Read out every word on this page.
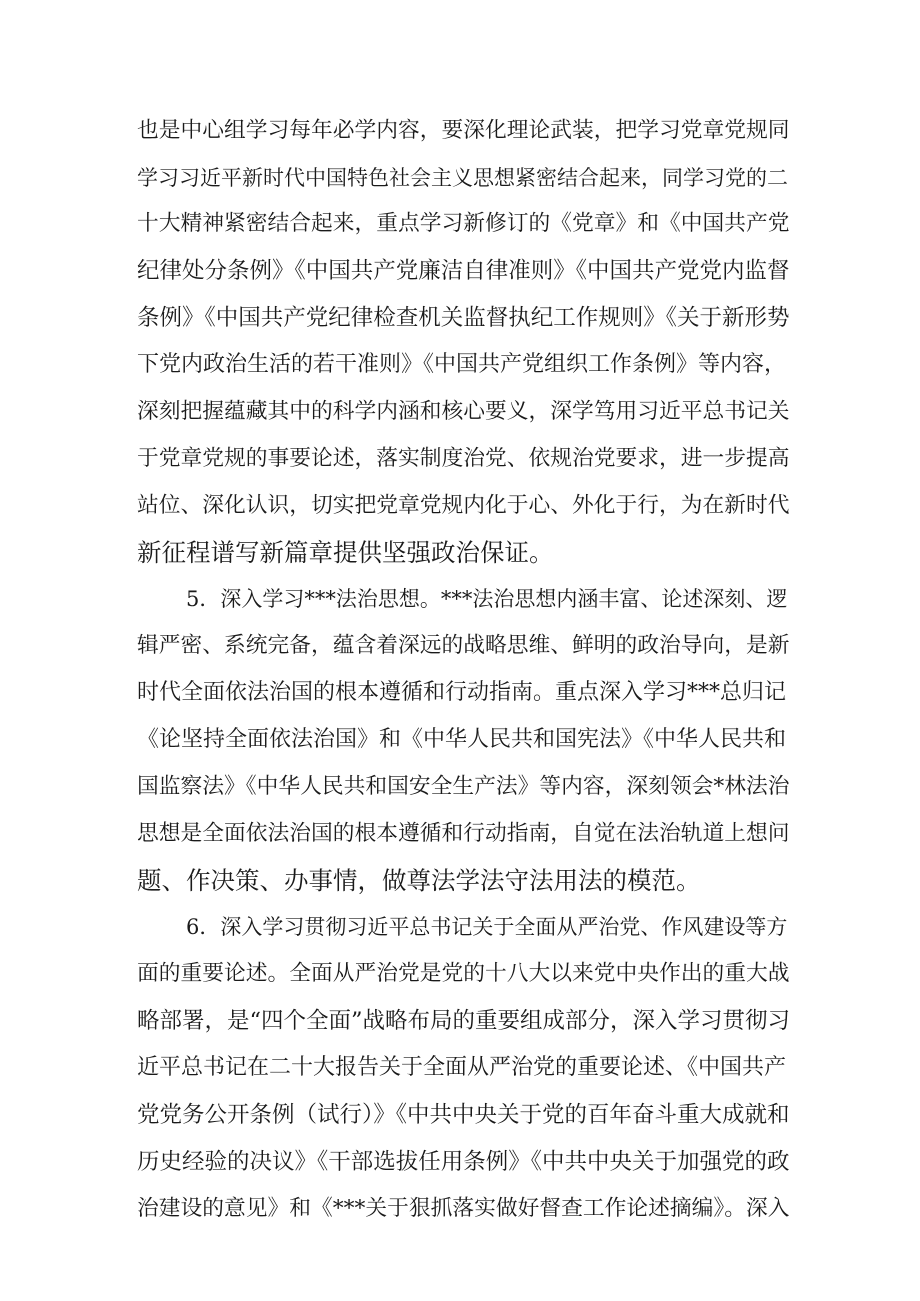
也是中心组学习每年必学内容，要深化理论武装，把学习党章党规同

学习习近平新时代中国特色社会主义思想紧密结合起来，同学习党的二

十大精神紧密结合起来，重点学习新修订的《党章》和《中国共产党

纪律处分条例》《中国共产党廉洁自律准则》《中国共产党党内监督

条例》《中国共产党纪律检查机关监督执纪工作规则》《关于新形势

下党内政治生活的若干准则》《中国共产党组织工作条例》等内容，

深刻把握蕴藏其中的科学内涵和核心要义，深学笃用习近平总书记关

于党章党规的事要论述，落实制度治党、依规治党要求，进一步提高

站位、深化认识，切实把党章党规内化于心、外化于行，为在新时代

新征程谱写新篇章提供坚强政治保证。

5．深入学习***法治思想。***法治思想内涵丰富、论述深刻、逻

辑严密、系统完备，蕴含着深远的战略思维、鲜明的政治导向，是新

时代全面依法治国的根本遵循和行动指南。重点深入学习***总归记

《论坚持全面依法治国》和《中华人民共和国宪法》《中华人民共和

国监察法》《中华人民共和国安全生产法》等内容，深刻领会*林法治

思想是全面依法治国的根本遵循和行动指南，自觉在法治轨道上想问

题、作决策、办事情，做尊法学法守法用法的模范。

6．深入学习贯彻习近平总书记关于全面从严治党、作风建设等方

面的重要论述。全面从严治党是党的十八大以来党中央作出的重大战

略部署，是“四个全面”战略布局的重要组成部分，深入学习贯彻习

近平总书记在二十大报告关于全面从严治党的重要论述、《中国共产

党党务公开条例（试行）》《中共中央关于党的百年奋斗重大成就和

历史经验的决议》《干部选拔任用条例》《中共中央关于加强党的政

治建设的意见》和《***关于狠抓落实做好督查工作论述摘编》。深入
